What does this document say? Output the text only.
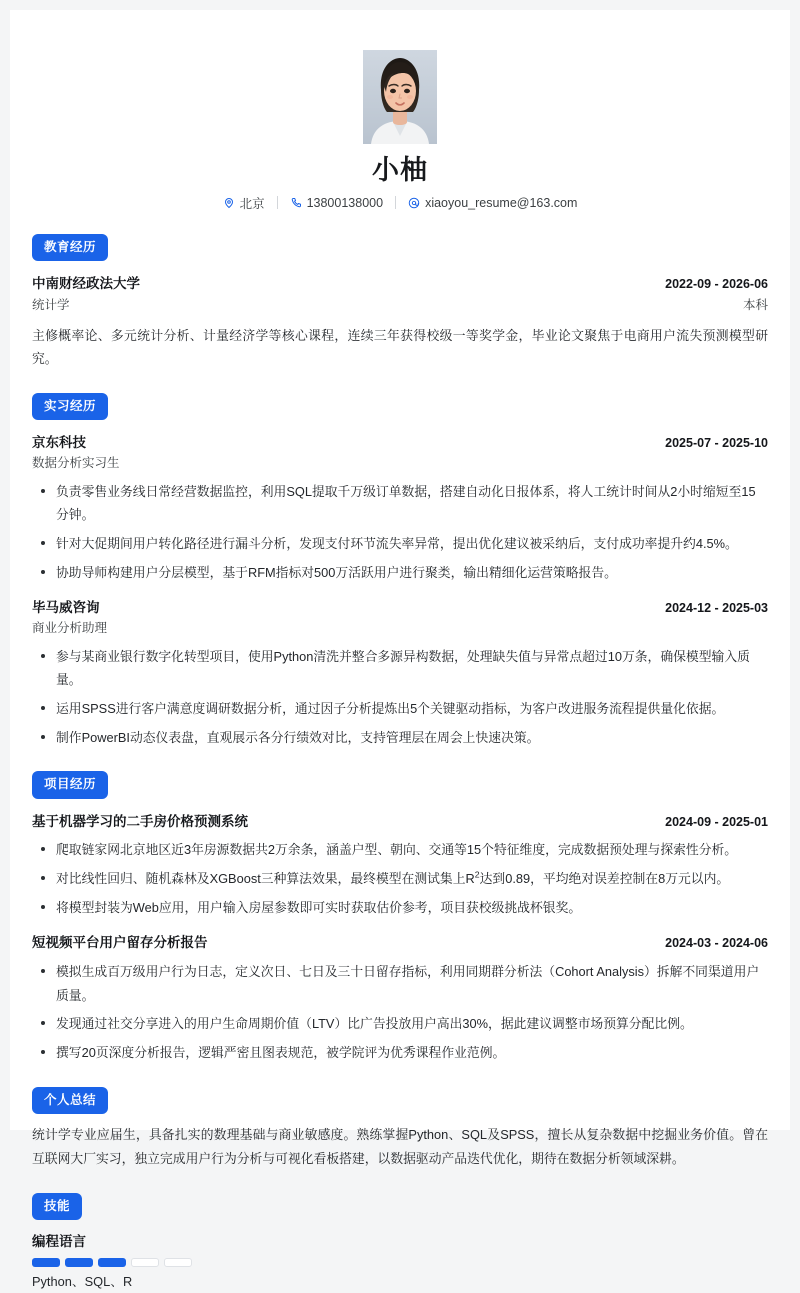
小柚
北京	13800138000	xiaoyou_resume@163.com
教育经历
中南财经政法大学	2022-09 - 2026-06
统计学	本科
主修概率论、多元统计分析、计量经济学等核心课程，连续三年获得校级一等奖学金，毕业论文聚焦于电商用户流失预测模型研究。
实习经历
京东科技	2025-07 - 2025-10
数据分析实习生
负责零售业务线日常经营数据监控，利用SQL提取千万级订单数据，搭建自动化日报体系，将人工统计时间从2小时缩短至15分钟。
针对大促期间用户转化路径进行漏斗分析，发现支付环节流失率异常，提出优化建议被采纳后，支付成功率提升约4.5%。
协助导师构建用户分层模型，基于RFM指标对500万活跃用户进行聚类，输出精细化运营策略报告。
毕马威咨询	2024-12 - 2025-03
商业分析助理
参与某商业银行数字化转型项目，使用Python清洗并整合多源异构数据，处理缺失值与异常点超过10万条，确保模型输入质量。
运用SPSS进行客户满意度调研数据分析，通过因子分析提炼出5个关键驱动指标，为客户改进服务流程提供量化依据。
制作PowerBI动态仪表盘，直观展示各分行绩效对比，支持管理层在周会上快速决策。
项目经历
基于机器学习的二手房价格预测系统	2024-09 - 2025-01
爬取链家网北京地区近3年房源数据共2万余条，涵盖户型、朝向、交通等15个特征维度，完成数据预处理与探索性分析。
对比线性回归、随机森林及XGBoost三种算法效果，最终模型在测试集上$R^2$达到0.89，平均绝对误差控制在8万元以内。
将模型封装为Web应用，用户输入房屋参数即可实时获取估价参考，项目获校级挑战杯银奖。
短视频平台用户留存分析报告	2024-03 - 2024-06
模拟生成百万级用户行为日志，定义次日、七日及三十日留存指标，利用同期群分析法（Cohort Analysis）拆解不同渠道用户质量。
发现通过社交分享进入的用户生命周期价值（LTV）比广告投放用户高出30%，据此建议调整市场预算分配比例。
撰写20页深度分析报告，逻辑严密且图表规范，被学院评为优秀课程作业范例。
个人总结
统计学专业应届生，具备扎实的数理基础与商业敏感度。熟练掌握Python、SQL及SPSS，擅长从复杂数据中挖掘业务价值。曾在互联网大厂实习，独立完成用户行为分析与可视化看板搭建，以数据驱动产品迭代优化，期待在数据分析领域深耕。
技能
编程语言
Python、SQL、R
